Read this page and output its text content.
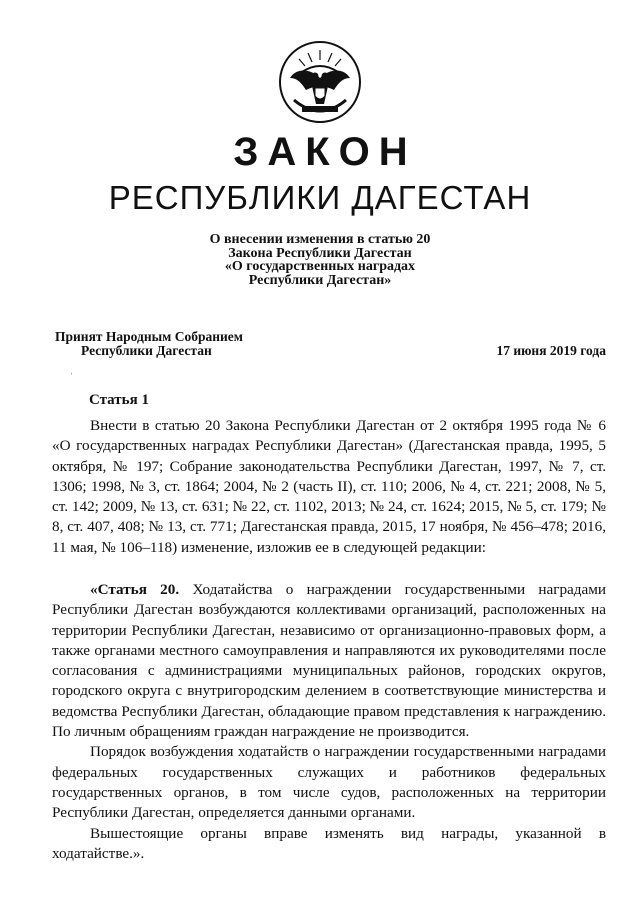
ЗАКОН
РЕСПУБЛИКИ ДАГЕСТАН
О внесении изменения в статью 20
Закона Республики Дагестан
«О государственных наградах
Республики Дагестан»
Принят Народным Собранием
Республики Дагестан	17 июня 2019 года
ˌ
Статья 1
Внести в статью 20 Закона Республики Дагестан от 2 октября 1995 года № 6 «О государственных наградах Республики Дагестан» (Дагестанская правда, 1995, 5 октября, № 197; Собрание законодательства Республики Дагестан, 1997, № 7, ст. 1306; 1998, № 3, ст. 1864; 2004, № 2 (часть II), ст. 110; 2006, № 4, ст. 221; 2008, № 5, ст. 142; 2009, № 13, ст. 631; № 22, ст. 1102, 2013; № 24, ст. 1624; 2015, № 5, ст. 179; № 8, ст. 407, 408; № 13, ст. 771; Дагестанская правда, 2015, 17 ноября, № 456–478; 2016, 11 мая, № 106–118) изменение, изложив ее в следующей редакции:

«Статья 20. Ходатайства о награждении государственными наградами Республики Дагестан возбуждаются коллективами организаций, расположенных на территории Республики Дагестан, независимо от организационно-правовых форм, а также органами местного самоуправления и направляются их руководителями после согласования с администрациями муниципальных районов, городских округов, городского округа с внутригородским делением в соответствующие министерства и ведомства Республики Дагестан, обладающие правом представления к награждению. По личным обращениям граждан награждение не производится.

Порядок возбуждения ходатайств о награждении государственными наградами федеральных государственных служащих и работников федеральных государственных органов, в том числе судов, расположенных на территории Республики Дагестан, определяется данными органами.

Вышестоящие органы вправе изменять вид награды, указанной в ходатайстве.».
